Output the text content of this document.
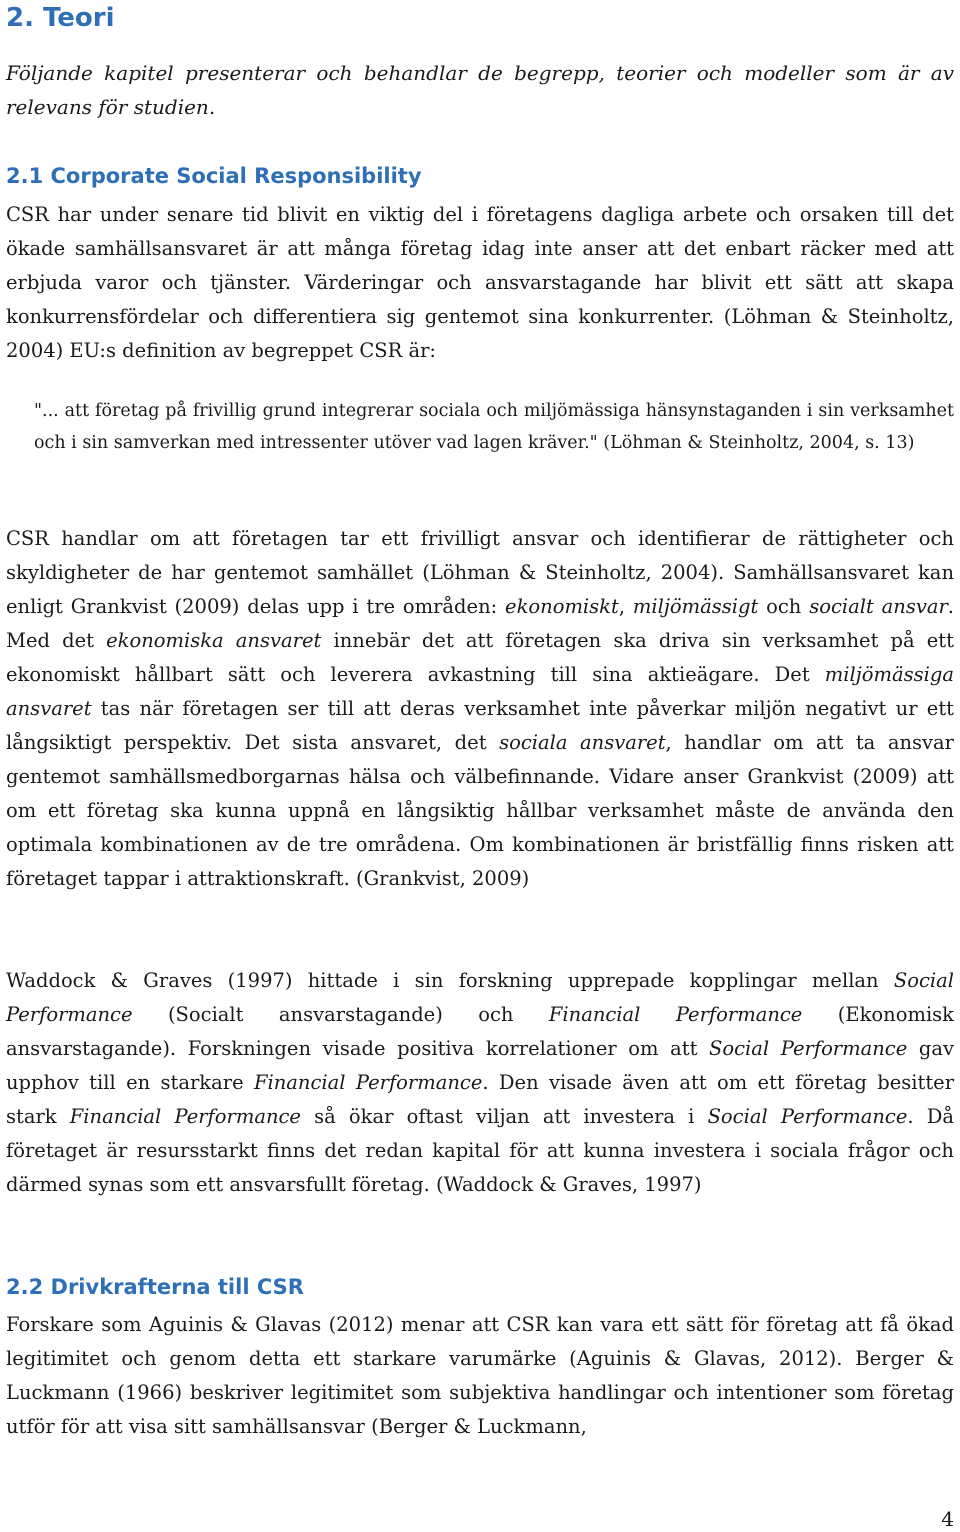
2. Teori
Följande kapitel presenterar och behandlar de begrepp, teorier och modeller som är av relevans för studien.
2.1 Corporate Social Responsibility

CSR har under senare tid blivit en viktig del i företagens dagliga arbete och orsaken till det ökade samhällsansvaret är att många företag idag inte anser att det enbart räcker med att erbjuda varor och tjänster. Värderingar och ansvarstagande har blivit ett sätt att skapa konkurrensfördelar och differentiera sig gentemot sina konkurrenter. (Löhman & Steinholtz, 2004) EU:s definition av begreppet CSR är:

"... att företag på frivillig grund integrerar sociala och miljömässiga hänsynstaganden i sin verksamhet och i sin samverkan med intressenter utöver vad lagen kräver." (Löhman & Steinholtz, 2004, s. 13)

CSR handlar om att företagen tar ett frivilligt ansvar och identifierar de rättigheter och skyldigheter de har gentemot samhället (Löhman & Steinholtz, 2004). Samhällsansvaret kan enligt Grankvist (2009) delas upp i tre områden: ekonomiskt, miljömässigt och socialt ansvar. Med det ekonomiska ansvaret innebär det att företagen ska driva sin verksamhet på ett ekonomiskt hållbart sätt och leverera avkastning till sina aktieägare. Det miljömässiga ansvaret tas när företagen ser till att deras verksamhet inte påverkar miljön negativt ur ett långsiktigt perspektiv. Det sista ansvaret, det sociala ansvaret, handlar om att ta ansvar gentemot samhällsmedborgarnas hälsa och välbefinnande. Vidare anser Grankvist (2009) att om ett företag ska kunna uppnå en långsiktig hållbar verksamhet måste de använda den optimala kombinationen av de tre områdena. Om kombinationen är bristfällig finns risken att företaget tappar i attraktionskraft. (Grankvist, 2009)

Waddock & Graves (1997) hittade i sin forskning upprepade kopplingar mellan Social Performance (Socialt ansvarstagande) och Financial Performance (Ekonomisk ansvarstagande). Forskningen visade positiva korrelationer om att Social Performance gav upphov till en starkare Financial Performance. Den visade även att om ett företag besitter stark Financial Performance så ökar oftast viljan att investera i Social Performance. Då företaget är resursstarkt finns det redan kapital för att kunna investera i sociala frågor och därmed synas som ett ansvarsfullt företag. (Waddock & Graves, 1997)

2.2 Drivkrafterna till CSR

Forskare som Aguinis & Glavas (2012) menar att CSR kan vara ett sätt för företag att få ökad legitimitet och genom detta ett starkare varumärke (Aguinis & Glavas, 2012). Berger & Luckmann (1966) beskriver legitimitet som subjektiva handlingar och intentioner som företag utför för att visa sitt samhällsansvar (Berger & Luckmann,

4
